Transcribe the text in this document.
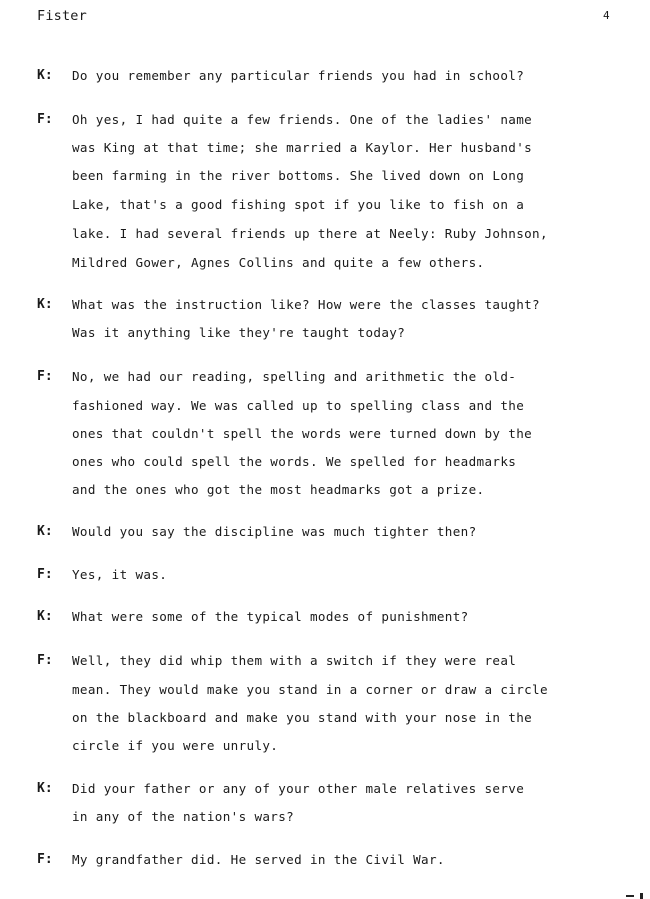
Fister	4
K: Do you remember any particular friends you had in school?
F: Oh yes, I had quite a few friends. One of the ladies' name
was King at that time; she married a Kaylor. Her husband's
been farming in the river bottoms. She lived down on Long
Lake, that's a good fishing spot if you like to fish on a
lake. I had several friends up there at Neely: Ruby Johnson,
Mildred Gower, Agnes Collins and quite a few others.
K: What was the instruction like? How were the classes taught?
Was it anything like they're taught today?
F: No, we had our reading, spelling and arithmetic the old-
fashioned way. We was called up to spelling class and the
ones that couldn't spell the words were turned down by the
ones who could spell the words. We spelled for headmarks
and the ones who got the most headmarks got a prize.
K: Would you say the discipline was much tighter then?
F: Yes, it was.
K: What were some of the typical modes of punishment?
F: Well, they did whip them with a switch if they were real
mean. They would make you stand in a corner or draw a circle
on the blackboard and make you stand with your nose in the
circle if you were unruly.
K: Did your father or any of your other male relatives serve
in any of the nation's wars?
F: My grandfather did. He served in the Civil War.
